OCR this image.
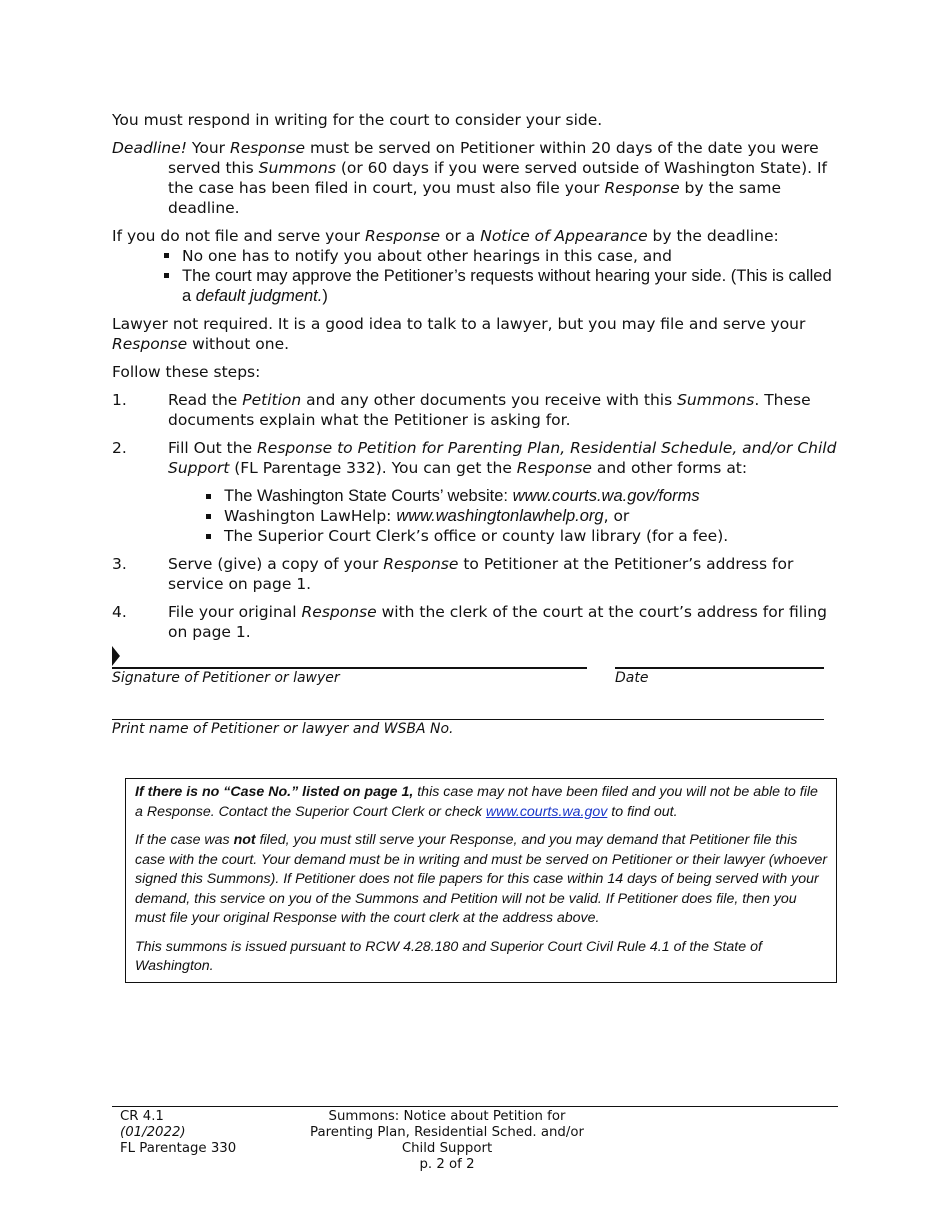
You must respond in writing for the court to consider your side.

Deadline! Your Response must be served on Petitioner within 20 days of the date you were served this Summons (or 60 days if you were served outside of Washington State). If the case has been filed in court, you must also file your Response by the same deadline.

If you do not file and serve your Response or a Notice of Appearance by the deadline:

No one has to notify you about other hearings in this case, and
The court may approve the Petitioner’s requests without hearing your side. (This is called a default judgment.)

Lawyer not required. It is a good idea to talk to a lawyer, but you may file and serve your Response without one.

Follow these steps:

1.	Read the Petition and any other documents you receive with this Summons. These documents explain what the Petitioner is asking for.
2.	Fill Out the Response to Petition for Parenting Plan, Residential Schedule, and/or Child Support (FL Parentage 332). You can get the Response and other forms at:
The Washington State Courts’ website: www.courts.wa.gov/forms
Washington LawHelp: www.washingtonlawhelp.org, or
The Superior Court Clerk’s office or county law library (for a fee).
3.	Serve (give) a copy of your Response to Petitioner at the Petitioner’s address for service on page 1.
4.	File your original Response with the clerk of the court at the court’s address for filing on page 1.
Signature of Petitioner or lawyer	Date
Print name of Petitioner or lawyer and WSBA No.

If there is no “Case No.” listed on page 1, this case may not have been filed and you will not be able to file a Response. Contact the Superior Court Clerk or check www.courts.wa.gov to find out.

If the case was not filed, you must still serve your Response, and you may demand that Petitioner file this case with the court. Your demand must be in writing and must be served on Petitioner or their lawyer (whoever signed this Summons). If Petitioner does not file papers for this case within 14 days of being served with your demand, this service on you of the Summons and Petition will not be valid. If Petitioner does file, then you must file your original Response with the court clerk at the address above.

This summons is issued pursuant to RCW 4.28.180 and Superior Court Civil Rule 4.1 of the State of Washington.

CR 4.1
(01/2022)
FL Parentage 330
Summons: Notice about Petition for
Parenting Plan, Residential Sched. and/or
Child Support
p. 2 of 2
